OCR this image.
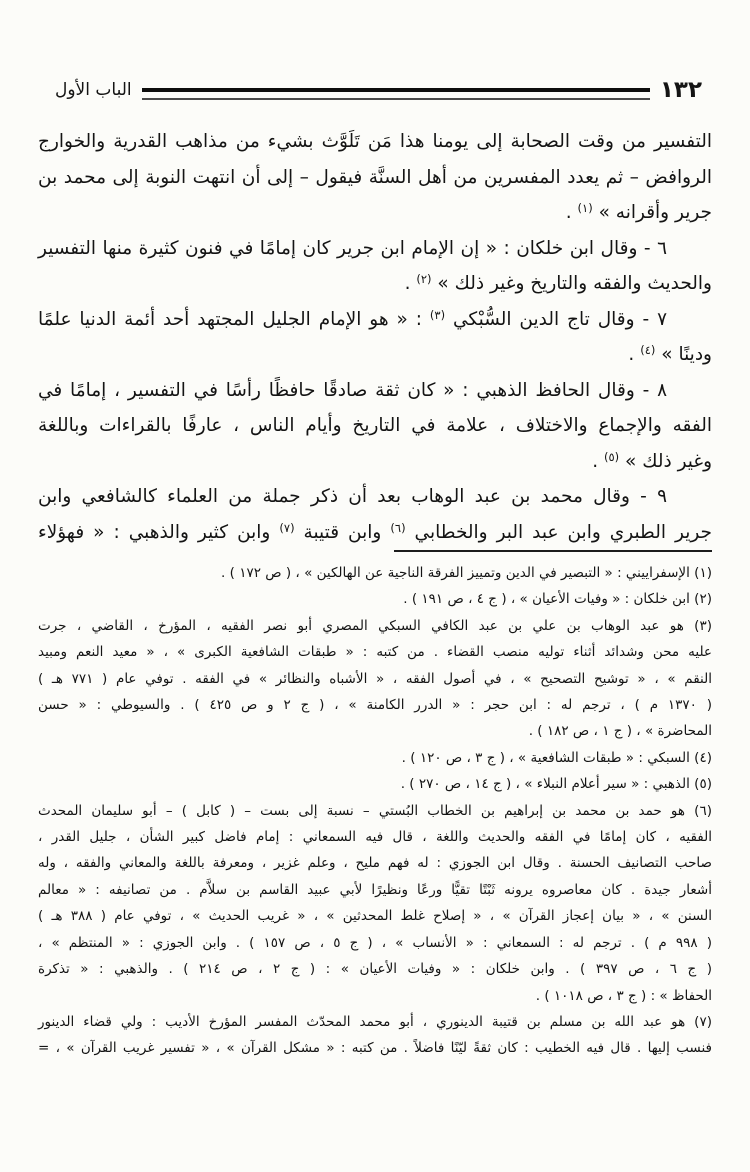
١٣٢
الباب الأول
التفسير من وقت الصحابة إلى يومنا هذا مَن تَلَوَّث بشيء من مذاهب القدرية والخوارج
الروافض – ثم يعدد المفسرين من أهل السنَّة فيقول – إلى أن انتهت النوبة إلى محمد بن
جرير وأقرانه » $^{(١)}$ .
٦ - وقال ابن خلكان : « إن الإمام ابن جرير كان إمامًا في فنون كثيرة منها التفسير
والحديث والفقه والتاريخ وغير ذلك » $^{(٢)}$ .
٧ - وقال تاج الدين السُّبْكي $^{(٣)}$ : « هو الإمام الجليل المجتهد أحد أئمة الدنيا علمًا
ودينًا » $^{(٤)}$ .
٨ - وقال الحافظ الذهبي : « كان ثقة صادقًا حافظًا رأسًا في التفسير ، إمامًا في
الفقه والإجماع والاختلاف ، علامة في التاريخ وأيام الناس ، عارفًا بالقراءات وباللغة
وغير ذلك » $^{(٥)}$ .
٩ - وقال محمد بن عبد الوهاب بعد أن ذكر جملة من العلماء كالشافعي وابن
جرير الطبري وابن عبد البر والخطابي $^{(٦)}$ وابن قتيبة $^{(٧)}$ وابن كثير والذهبي : « فهؤلاء
(١) الإسفراييني : « التبصير في الدين وتمييز الفرقة الناجية عن الهالكين » ، ( ص ١٧٢ ) .
(٢) ابن خلكان : « وفيات الأعيان » ، ( ج ٤ ، ص ١٩١ ) .
(٣) هو عبد الوهاب بن علي بن عبد الكافي السبكي المصري أبو نصر الفقيه ، المؤرخ ، القاضي ، جرت
عليه محن وشدائد أثناء توليه منصب القضاء . من كتبه : « طبقات الشافعية الكبرى » ، « معيد النعم ومبيد
النقم » ، « توشيح التصحيح » ، في أصول الفقه ، « الأشباه والنظائر » في الفقه . توفي عام ( ٧٧١ هـ )
( ١٣٧٠ م ) ، ترجم له : ابن حجر : « الدرر الكامنة » ، ( ج ٢ و ص ٤٢٥ ) . والسيوطي : « حسن
المحاضرة » ، ( ج ١ ، ص ١٨٢ ) .
(٤) السبكي : « طبقات الشافعية » ، ( ج ٣ ، ص ١٢٠ ) .
(٥) الذهبي : « سير أعلام النبلاء » ، ( ج ١٤ ، ص ٢٧٠ ) .
(٦) هو حمد بن محمد بن إبراهيم بن الخطاب البُستي – نسبة إلى بست – ( كابل ) – أبو سليمان المحدث
الفقيه ، كان إمامًا في الفقه والحديث واللغة ، قال فيه السمعاني : إمام فاضل كبير الشأن ، جليل القدر ،
صاحب التصانيف الحسنة . وقال ابن الجوزي : له فهم مليح ، وعلم غزير ، ومعرفة باللغة والمعاني والفقه ، وله
أشعار جيدة . كان معاصروه يرونه ثَبْتًا تقيًّا ورعًا ونظيرًا لأبي عبيد القاسم بن سلاَّم . من تصانيفه : « معالم
السنن » ، « بيان إعجاز القرآن » ، « إصلاح غلط المحدثين » ، « غريب الحديث » ، توفي عام ( ٣٨٨ هـ )
( ٩٩٨ م ) . ترجم له : السمعاني : « الأنساب » ، ( ج ٥ ، ص ١٥٧ ) . وابن الجوزي : « المنتظم » ،
( ج ٦ ، ص ٣٩٧ ) . وابن خلكان : « وفيات الأعيان » : ( ج ٢ ، ص ٢١٤ ) . والذهبي : « تذكرة
الحفاظ » : ( ج ٣ ، ص ١٠١٨ ) .
(٧) هو عبد الله بن مسلم بن قتيبة الدينوري ، أبو محمد المحدّث المفسر المؤرخ الأديب : ولي قضاء الدينور
فنسب إليها . قال فيه الخطيب : كان ثقةً ليّنًا فاضلاً . من كتبه : « مشكل القرآن » ، « تفسير غريب القرآن » ، =
